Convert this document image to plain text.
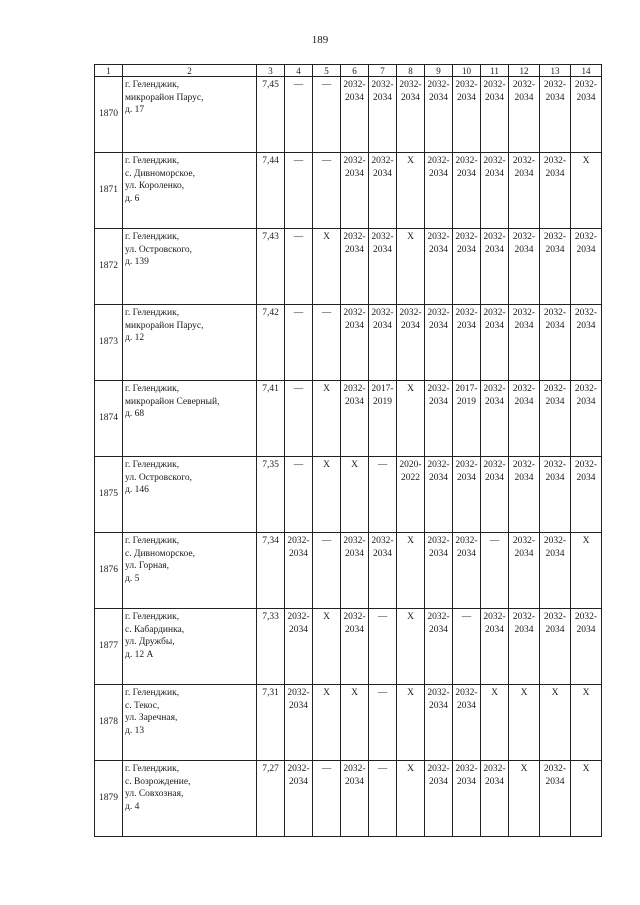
189
1	2	3	4	5	6	7	8	9	10	11	12	13	14
1870	г. Геленджик,
микрорайон Парус,
д. 17	7,45	—	—	2032-
2034	2032-
2034	2032-
2034	2032-
2034	2032-
2034	2032-
2034	2032-
2034	2032-
2034	2032-
2034

1871	г. Геленджик,
с. Дивноморское,
ул. Короленко,
д. 6	7,44	—	—	2032-
2034	2032-
2034	Х	2032-
2034	2032-
2034	2032-
2034	2032-
2034	2032-
2034	Х
1872	г. Геленджик,
ул. Островского,
д. 139	7,43	—	Х	2032-
2034	2032-
2034	Х	2032-
2034	2032-
2034	2032-
2034	2032-
2034	2032-
2034	2032-
2034

1873	г. Геленджик,
микрорайон Парус,
д. 12	7,42	—	—	2032-
2034	2032-
2034	2032-
2034	2032-
2034	2032-
2034	2032-
2034	2032-
2034	2032-
2034	2032-
2034

1874	г. Геленджик,
микрорайон Северный,
д. 68	7,41	—	Х	2032-
2034	2017-
2019	Х	2032-
2034	2017-
2019	2032-
2034	2032-
2034	2032-
2034	2032-
2034

1875	г. Геленджик,
ул. Островского,
д. 146	7,35	—	Х	Х	—	2020-
2022	2032-
2034	2032-
2034	2032-
2034	2032-
2034	2032-
2034	2032-
2034

1876	г. Геленджик,
с. Дивноморское,
ул. Горная,
д. 5	7,34	2032-
2034	—	2032-
2034	2032-
2034	Х	2032-
2034	2032-
2034	—	2032-
2034	2032-
2034	Х
1877	г. Геленджик,
с. Кабардинка,
ул. Дружбы,
д. 12 А	7,33	2032-
2034	Х	2032-
2034	—	Х	2032-
2034	—	2032-
2034	2032-
2034	2032-
2034	2032-
2034

1878	г. Геленджик,
с. Текос,
ул. Заречная,
д. 13	7,31	2032-
2034	Х	Х	—	Х	2032-
2034	2032-
2034	Х	Х	Х	Х
1879	г. Геленджик,
с. Возрождение,
ул. Совхозная,
д. 4	7,27	2032-
2034	—	2032-
2034	—	Х	2032-
2034	2032-
2034	2032-
2034	Х	2032-
2034	Х
